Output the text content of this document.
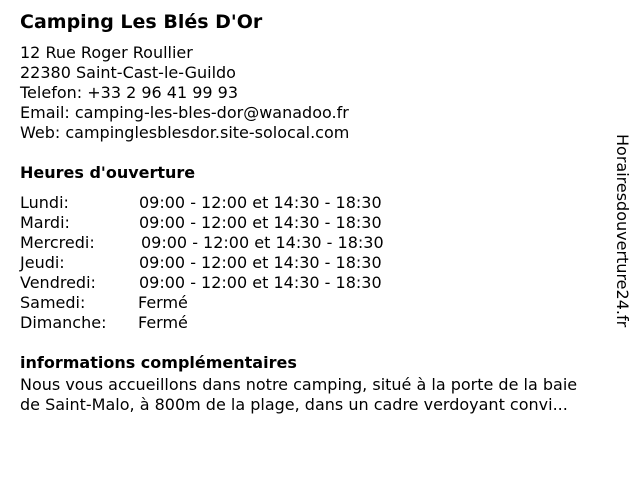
Camping Les Blés D'Or
12 Rue Roger Roullier
22380 Saint-Cast-le-Guildo
Telefon: +33 2 96 41 99 93
Email: camping-les-bles-dor@wanadoo.fr
Web: campinglesblesdor.site-solocal.com
Heures d'ouverture
Lundi:	09:00 - 12:00 et 14:30 - 18:30
Mardi:	09:00 - 12:00 et 14:30 - 18:30
Mercredi:	09:00 - 12:00 et 14:30 - 18:30
Jeudi:	09:00 - 12:00 et 14:30 - 18:30
Vendredi:	09:00 - 12:00 et 14:30 - 18:30
Samedi:	Fermé
Dimanche: Fermé
informations complémentaires
Nous vous accueillons dans notre camping, situé à la porte de la baie
de Saint-Malo, à 800m de la plage, dans un cadre verdoyant convi...
Horairesdouverture24.fr
